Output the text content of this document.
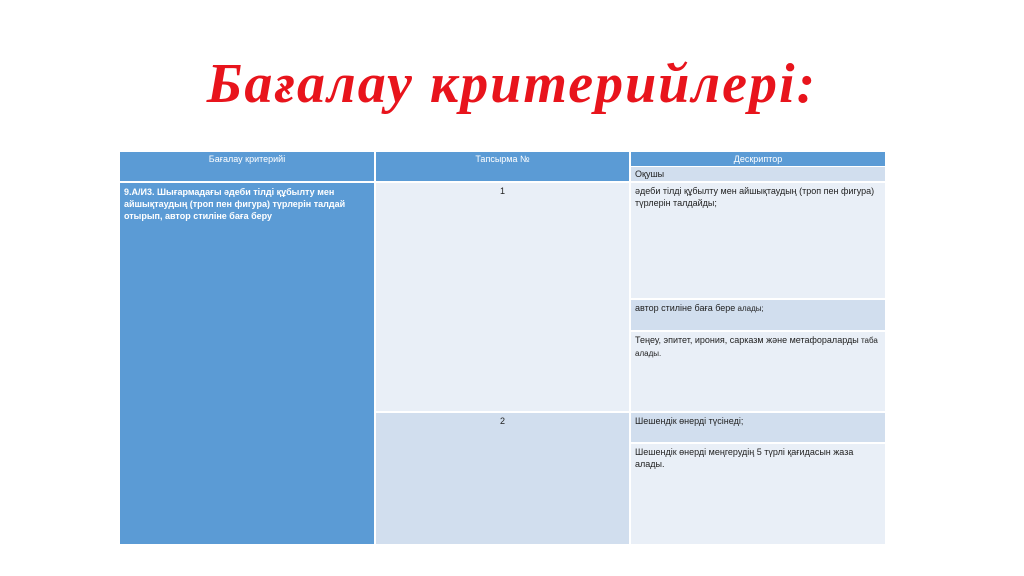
Бағалау критерийлері:
Бағалау критерийі	Тапсырма №	Дескриптор
Оқушы
9.А/И3. Шығармадағы әдеби тілді құбылту мен айшықтаудың (троп пен фигура) түрлерін талдай отырып, автор стиліне баға беру
1
2
әдеби тілді құбылту мен айшықтаудың (троп пен фигура) түрлерін талдайды;
автор стиліне баға бере алады;
Теңеу, эпитет, ирония, сарказм және метафораларды таба алады.
Шешендік өнерді түсінеді;
Шешендік өнерді меңгерудің 5 түрлі қағидасын жаза алады.
